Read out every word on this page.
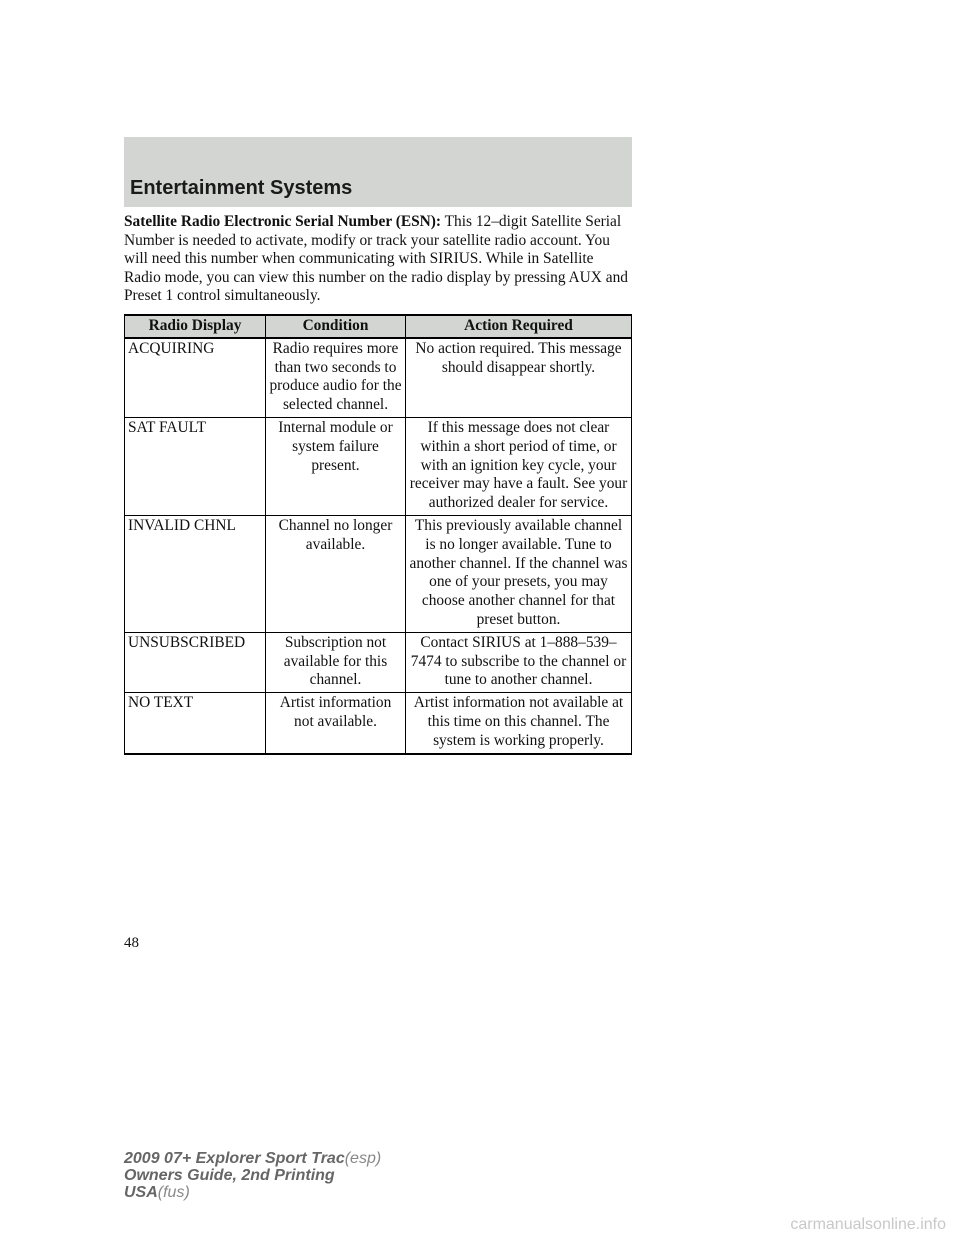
Entertainment Systems

Satellite Radio Electronic Serial Number (ESN): This 12–digit Satellite Serial Number is needed to activate, modify or track your satellite radio account. You will need this number when communicating with SIRIUS. While in Satellite Radio mode, you can view this number on the radio display by pressing AUX and Preset 1 control simultaneously.

Radio Display	Condition	Action Required
ACQUIRING	Radio requires more than two seconds to produce audio for the selected channel.	No action required. This message should disappear shortly.
SAT FAULT	Internal module or system failure present.	If this message does not clear within a short period of time, or with an ignition key cycle, your receiver may have a fault. See your authorized dealer for service.
INVALID CHNL	Channel no longer available.	This previously available channel is no longer available. Tune to another channel. If the channel was one of your presets, you may choose another channel for that preset button.
UNSUBSCRIBED	Subscription not available for this channel.	Contact SIRIUS at 1–888–539–7474 to subscribe to the channel or tune to another channel.
NO TEXT	Artist information not available.	Artist information not available at this time on this channel. The system is working properly.
48
2009 07+ Explorer Sport Trac(esp)
Owners Guide, 2nd Printing
USA(fus)
carmanualsonline.info
